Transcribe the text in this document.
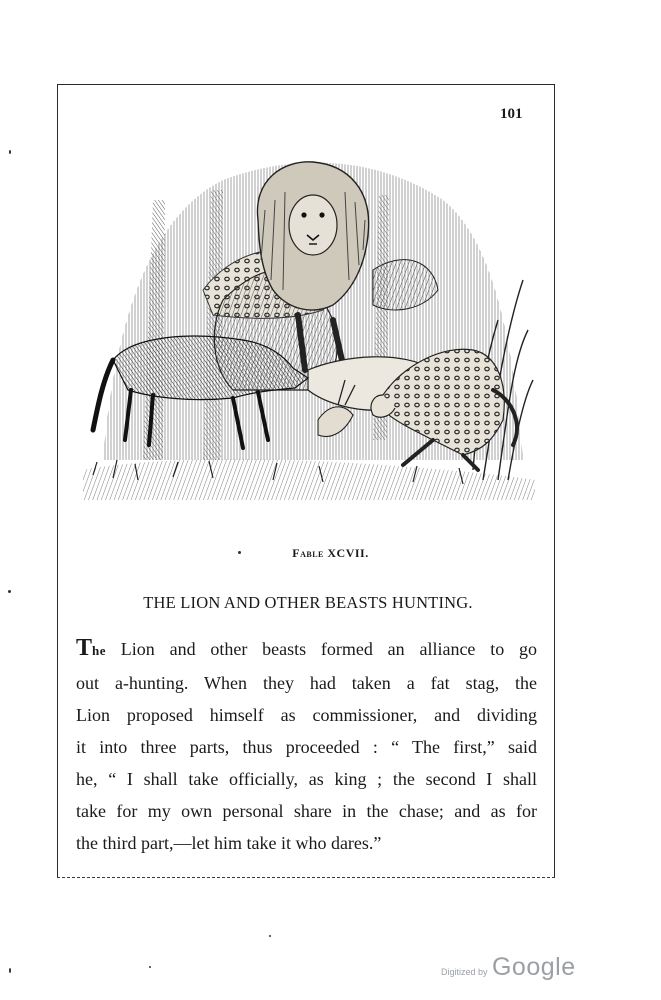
101
Fable XCVII.
THE LION AND OTHER BEASTS HUNTING.
The Lion and other beasts formed an alliance to go
out a-hunting. When they had taken a fat stag, the
Lion proposed himself as commissioner, and dividing
it into three parts, thus proceeded : “ The first,” said
he, “ I shall take officially, as king ; the second I shall
take for my own personal share in the chase; and as for
the third part,—let him take it who dares.”
Digitized by Google
